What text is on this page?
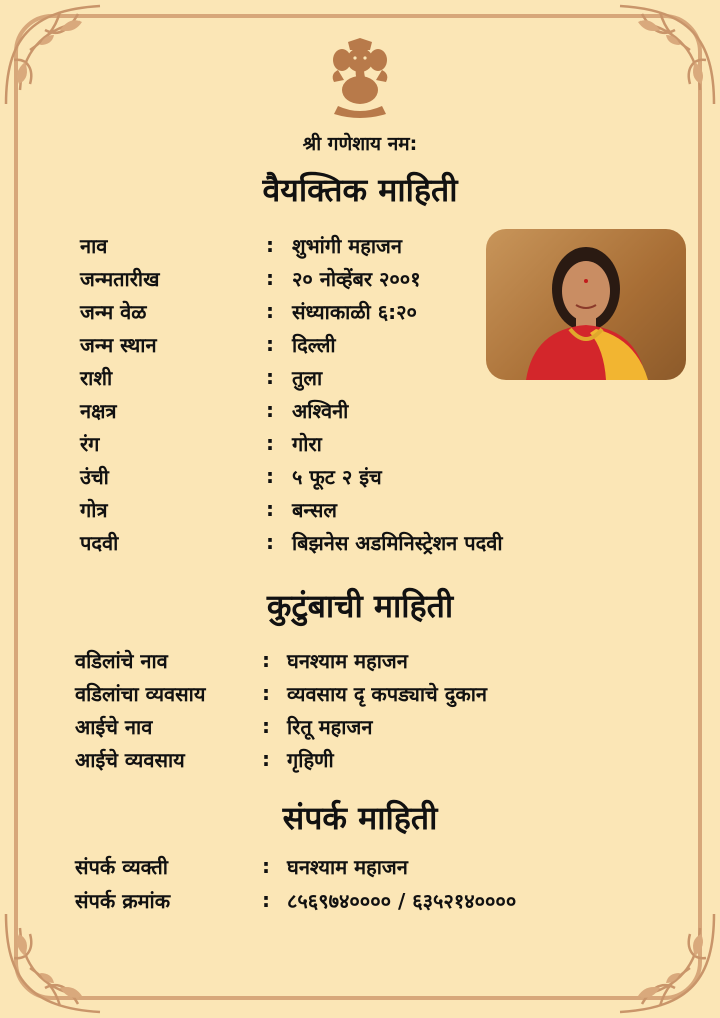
श्री गणेशाय नम:
वैयक्तिक माहिती
नाव	: शुभांगी महाजन
जन्मतारीख	: २० नोव्हेंबर २००१
जन्म वेळ	: संध्याकाळी ६:२०
जन्म स्थान	: दिल्ली
राशी	: तुला
नक्षत्र	: अश्विनी
रंग	: गोरा
उंची	: ५ फूट २ इंच
गोत्र	: बन्सल
पदवी	: बिझनेस अडमिनिस्ट्रेशन पदवी
कुटुंबाची माहिती
वडिलांचे नाव	: घनश्याम महाजन
वडिलांचा व्यवसाय	: व्यवसाय दृ कपड्याचे दुकान
आईचे नाव	: रितू महाजन
आईचे व्यवसाय	: गृहिणी
संपर्क माहिती
संपर्क व्यक्ती	: घनश्याम महाजन
संपर्क क्रमांक	: ८५६९७४०००० / ६३५२१४००००
